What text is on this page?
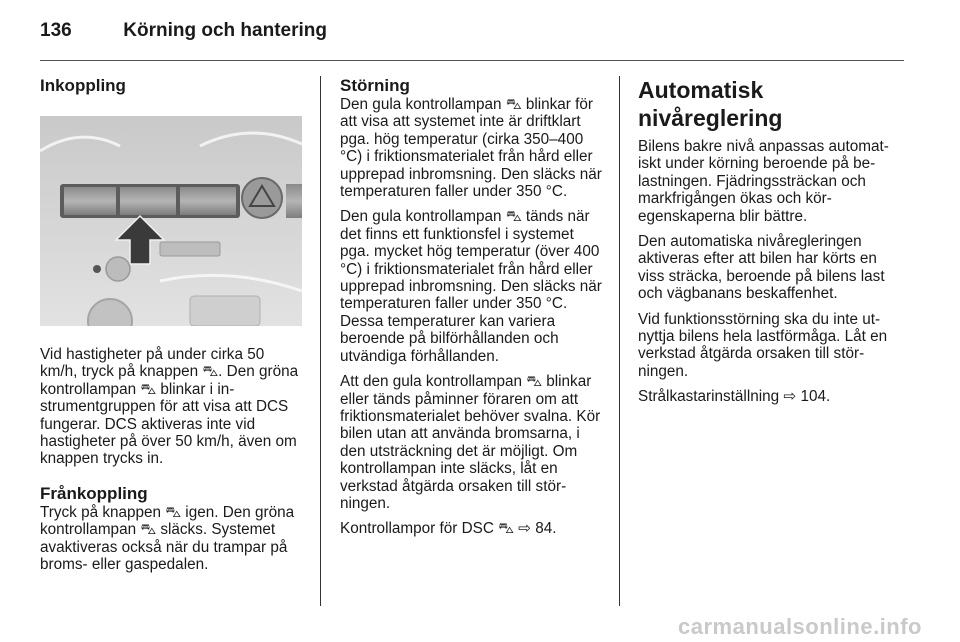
136	Körning och hantering
Inkoppling
Vid hastigheter på under cirka 50 km/h, tryck på knappen ⛍. Den gröna kontrollampan ⛍ blinkar i instrumentgruppen för att visa att DCS fungerar. DCS aktiveras inte vid hastigheter på över 50 km/h, även om knappen trycks in.
Frånkoppling
Tryck på knappen ⛍ igen. Den gröna kontrollampan ⛍ släcks. Systemet avaktiveras också när du trampar på broms- eller gaspedalen.
Störning
Den gula kontrollampan ⛍ blinkar för att visa att systemet inte är driftklart pga. hög temperatur (cirka 350–400 °C) i friktionsmaterialet från hård eller upprepad inbromsning. Den släcks när temperaturen faller under 350 °C.
Den gula kontrollampan ⛍ tänds när det finns ett funktionsfel i systemet pga. mycket hög temperatur (över 400 °C) i friktionsmaterialet från hård eller upprepad inbromsning. Den släcks när temperaturen faller under 350 °C. Dessa temperaturer kan variera beroende på bilförhållanden och utvändiga förhållanden.
Att den gula kontrollampan ⛍ blinkar eller tänds påminner föraren om att friktionsmaterialet behöver svalna. Kör bilen utan att använda bromsarna, i den utsträckning det är möjligt. Om kontrollampan inte släcks, låt en verkstad åtgärda orsaken till störningen.
Kontrollampor för DSC ⛍ ⇨ 84.
Automatisk nivåreglering
Bilens bakre nivå anpassas automatiskt under körning beroende på belastningen. Fjädringssträckan och markfrigången ökas och köregenskaperna blir bättre.
Den automatiska nivåregleringen aktiveras efter att bilen har körts en viss sträcka, beroende på bilens last och vägbanans beskaffenhet.
Vid funktionsstörning ska du inte utnyttja bilens hela lastförmåga. Låt en verkstad åtgärda orsaken till störningen.
Strålkastarinställning ⇨ 104.
carmanualsonline.info
